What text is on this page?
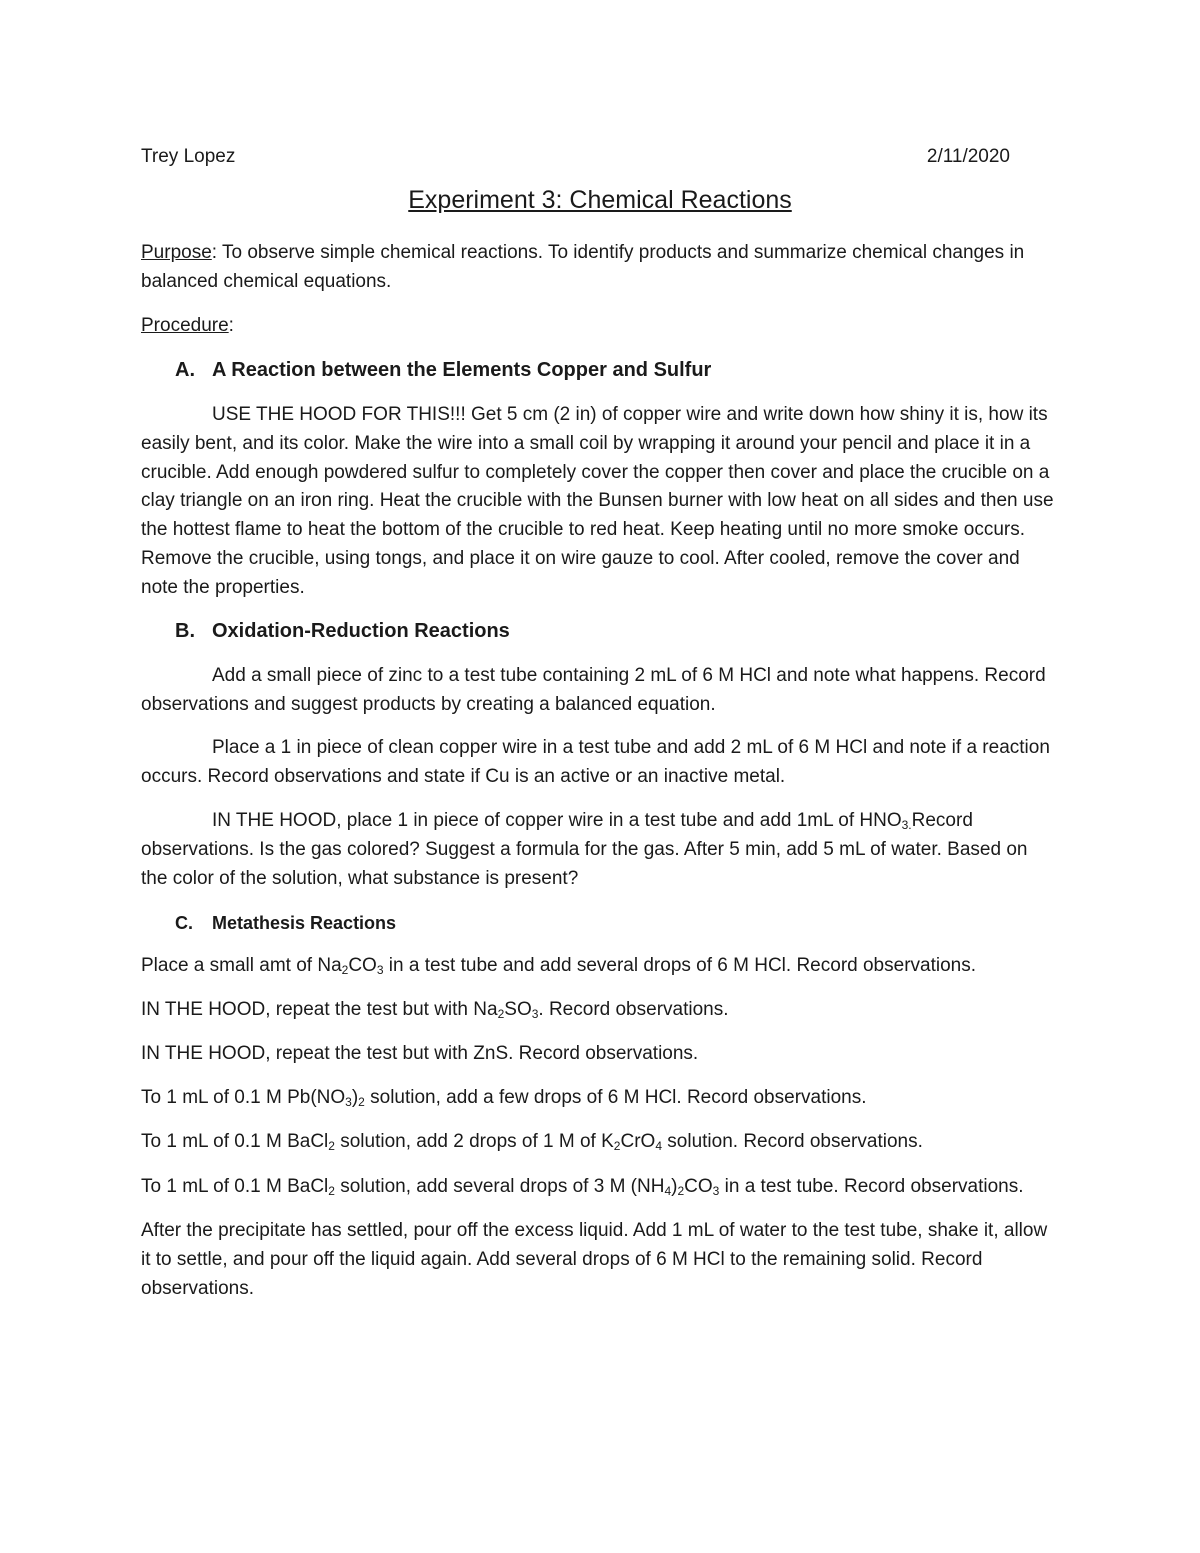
Trey Lopez	2/11/2020
Experiment 3: Chemical Reactions
Purpose: To observe simple chemical reactions. To identify products and summarize chemical changes in balanced chemical equations.
Procedure:
A. A Reaction between the Elements Copper and Sulfur
USE THE HOOD FOR THIS!!! Get 5 cm (2 in) of copper wire and write down how shiny it is, how its easily bent, and its color. Make the wire into a small coil by wrapping it around your pencil and place it in a crucible. Add enough powdered sulfur to completely cover the copper then cover and place the crucible on a clay triangle on an iron ring. Heat the crucible with the Bunsen burner with low heat on all sides and then use the hottest flame to heat the bottom of the crucible to red heat. Keep heating until no more smoke occurs. Remove the crucible, using tongs, and place it on wire gauze to cool. After cooled, remove the cover and note the properties.
B. Oxidation-Reduction Reactions
Add a small piece of zinc to a test tube containing 2 mL of 6 M HCl and note what happens. Record observations and suggest products by creating a balanced equation.
Place a 1 in piece of clean copper wire in a test tube and add 2 mL of 6 M HCl and note if a reaction occurs. Record observations and state if Cu is an active or an inactive metal.
IN THE HOOD, place 1 in piece of copper wire in a test tube and add 1mL of $HNO_{3.}Record$ observations. Is the gas colored? Suggest a formula for the gas. After 5 min, add 5 mL of water. Based on the color of the solution, what substance is present?
C. Metathesis Reactions
Place a small amt of $Na_2CO_3$ in a test tube and add several drops of 6 M HCl. Record observations.
IN THE HOOD, repeat the test but with $Na_2SO_3$. Record observations.
IN THE HOOD, repeat the test but with ZnS. Record observations.
To 1 mL of 0.1 M $Pb(NO_3)_2$ solution, add a few drops of 6 M HCl. Record observations.
To 1 mL of 0.1 M BaCl$_2$ solution, add 2 drops of 1 M of $K_2CrO_4$ solution. Record observations.
To 1 mL of 0.1 M BaCl$_2$ solution, add several drops of 3 M $(NH_4)_2CO_3$ in a test tube. Record observations.
After the precipitate has settled, pour off the excess liquid. Add 1 mL of water to the test tube, shake it, allow it to settle, and pour off the liquid again. Add several drops of 6 M HCl to the remaining solid. Record observations.
